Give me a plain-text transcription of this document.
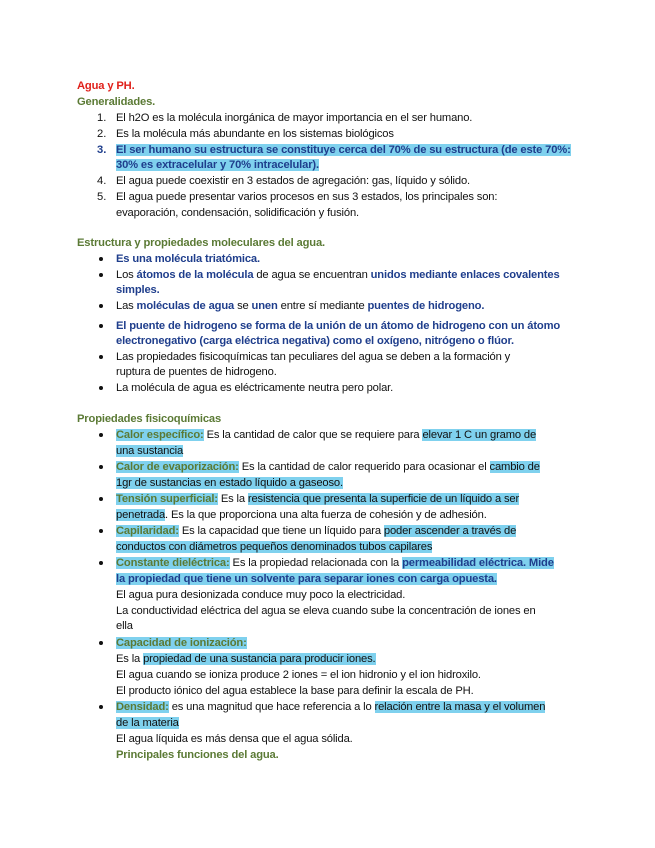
Agua y PH.
Generalidades.
1. El h2O es la molécula inorgánica de mayor importancia en el ser humano.
2. Es la molécula más abundante en los sistemas biológicos
3. El ser humano su estructura se constituye cerca del 70% de su estructura (de este 70%:
30% es extracelular y 70% intracelular).
4. El agua puede coexistir en 3 estados de agregación: gas, líquido y sólido.
5. El agua puede presentar varios procesos en sus 3 estados, los principales son:
evaporación, condensación, solidificación y fusión.
Estructura y propiedades moleculares del agua.
Es una molécula triatómica.
Los átomos de la molécula de agua se encuentran unidos mediante enlaces covalentes
simples.
Las moléculas de agua se unen entre sí mediante puentes de hidrogeno.
El puente de hidrogeno se forma de la unión de un átomo de hidrogeno con un átomo
electronegativo (carga eléctrica negativa) como el oxígeno, nitrógeno o flúor.
Las propiedades fisicoquímicas tan peculiares del agua se deben a la formación y
ruptura de puentes de hidrogeno.
La molécula de agua es eléctricamente neutra pero polar.
Propiedades fisicoquímicas
Calor específico: Es la cantidad de calor que se requiere para elevar 1 C un gramo de
una sustancia
Calor de evaporización: Es la cantidad de calor requerido para ocasionar el cambio de
1gr de sustancias en estado líquido a gaseoso.
Tensión superficial: Es la resistencia que presenta la superficie de un líquido a ser
penetrada. Es la que proporciona una alta fuerza de cohesión y de adhesión.
Capilaridad: Es la capacidad que tiene un líquido para poder ascender a través de
conductos con diámetros pequeños denominados tubos capilares
Constante dieléctrica: Es la propiedad relacionada con la permeabilidad eléctrica. Mide
la propiedad que tiene un solvente para separar iones con carga opuesta.
El agua pura desionizada conduce muy poco la electricidad.
La conductividad eléctrica del agua se eleva cuando sube la concentración de iones en
ella
Capacidad de ionización:
Es la propiedad de una sustancia para producir iones.
El agua cuando se ioniza produce 2 iones = el ion hidronio y el ion hidroxilo.
El producto iónico del agua establece la base para definir la escala de PH.
Densidad: es una magnitud que hace referencia a lo relación entre la masa y el volumen
de la materia
El agua líquida es más densa que el agua sólida.
Principales funciones del agua.
